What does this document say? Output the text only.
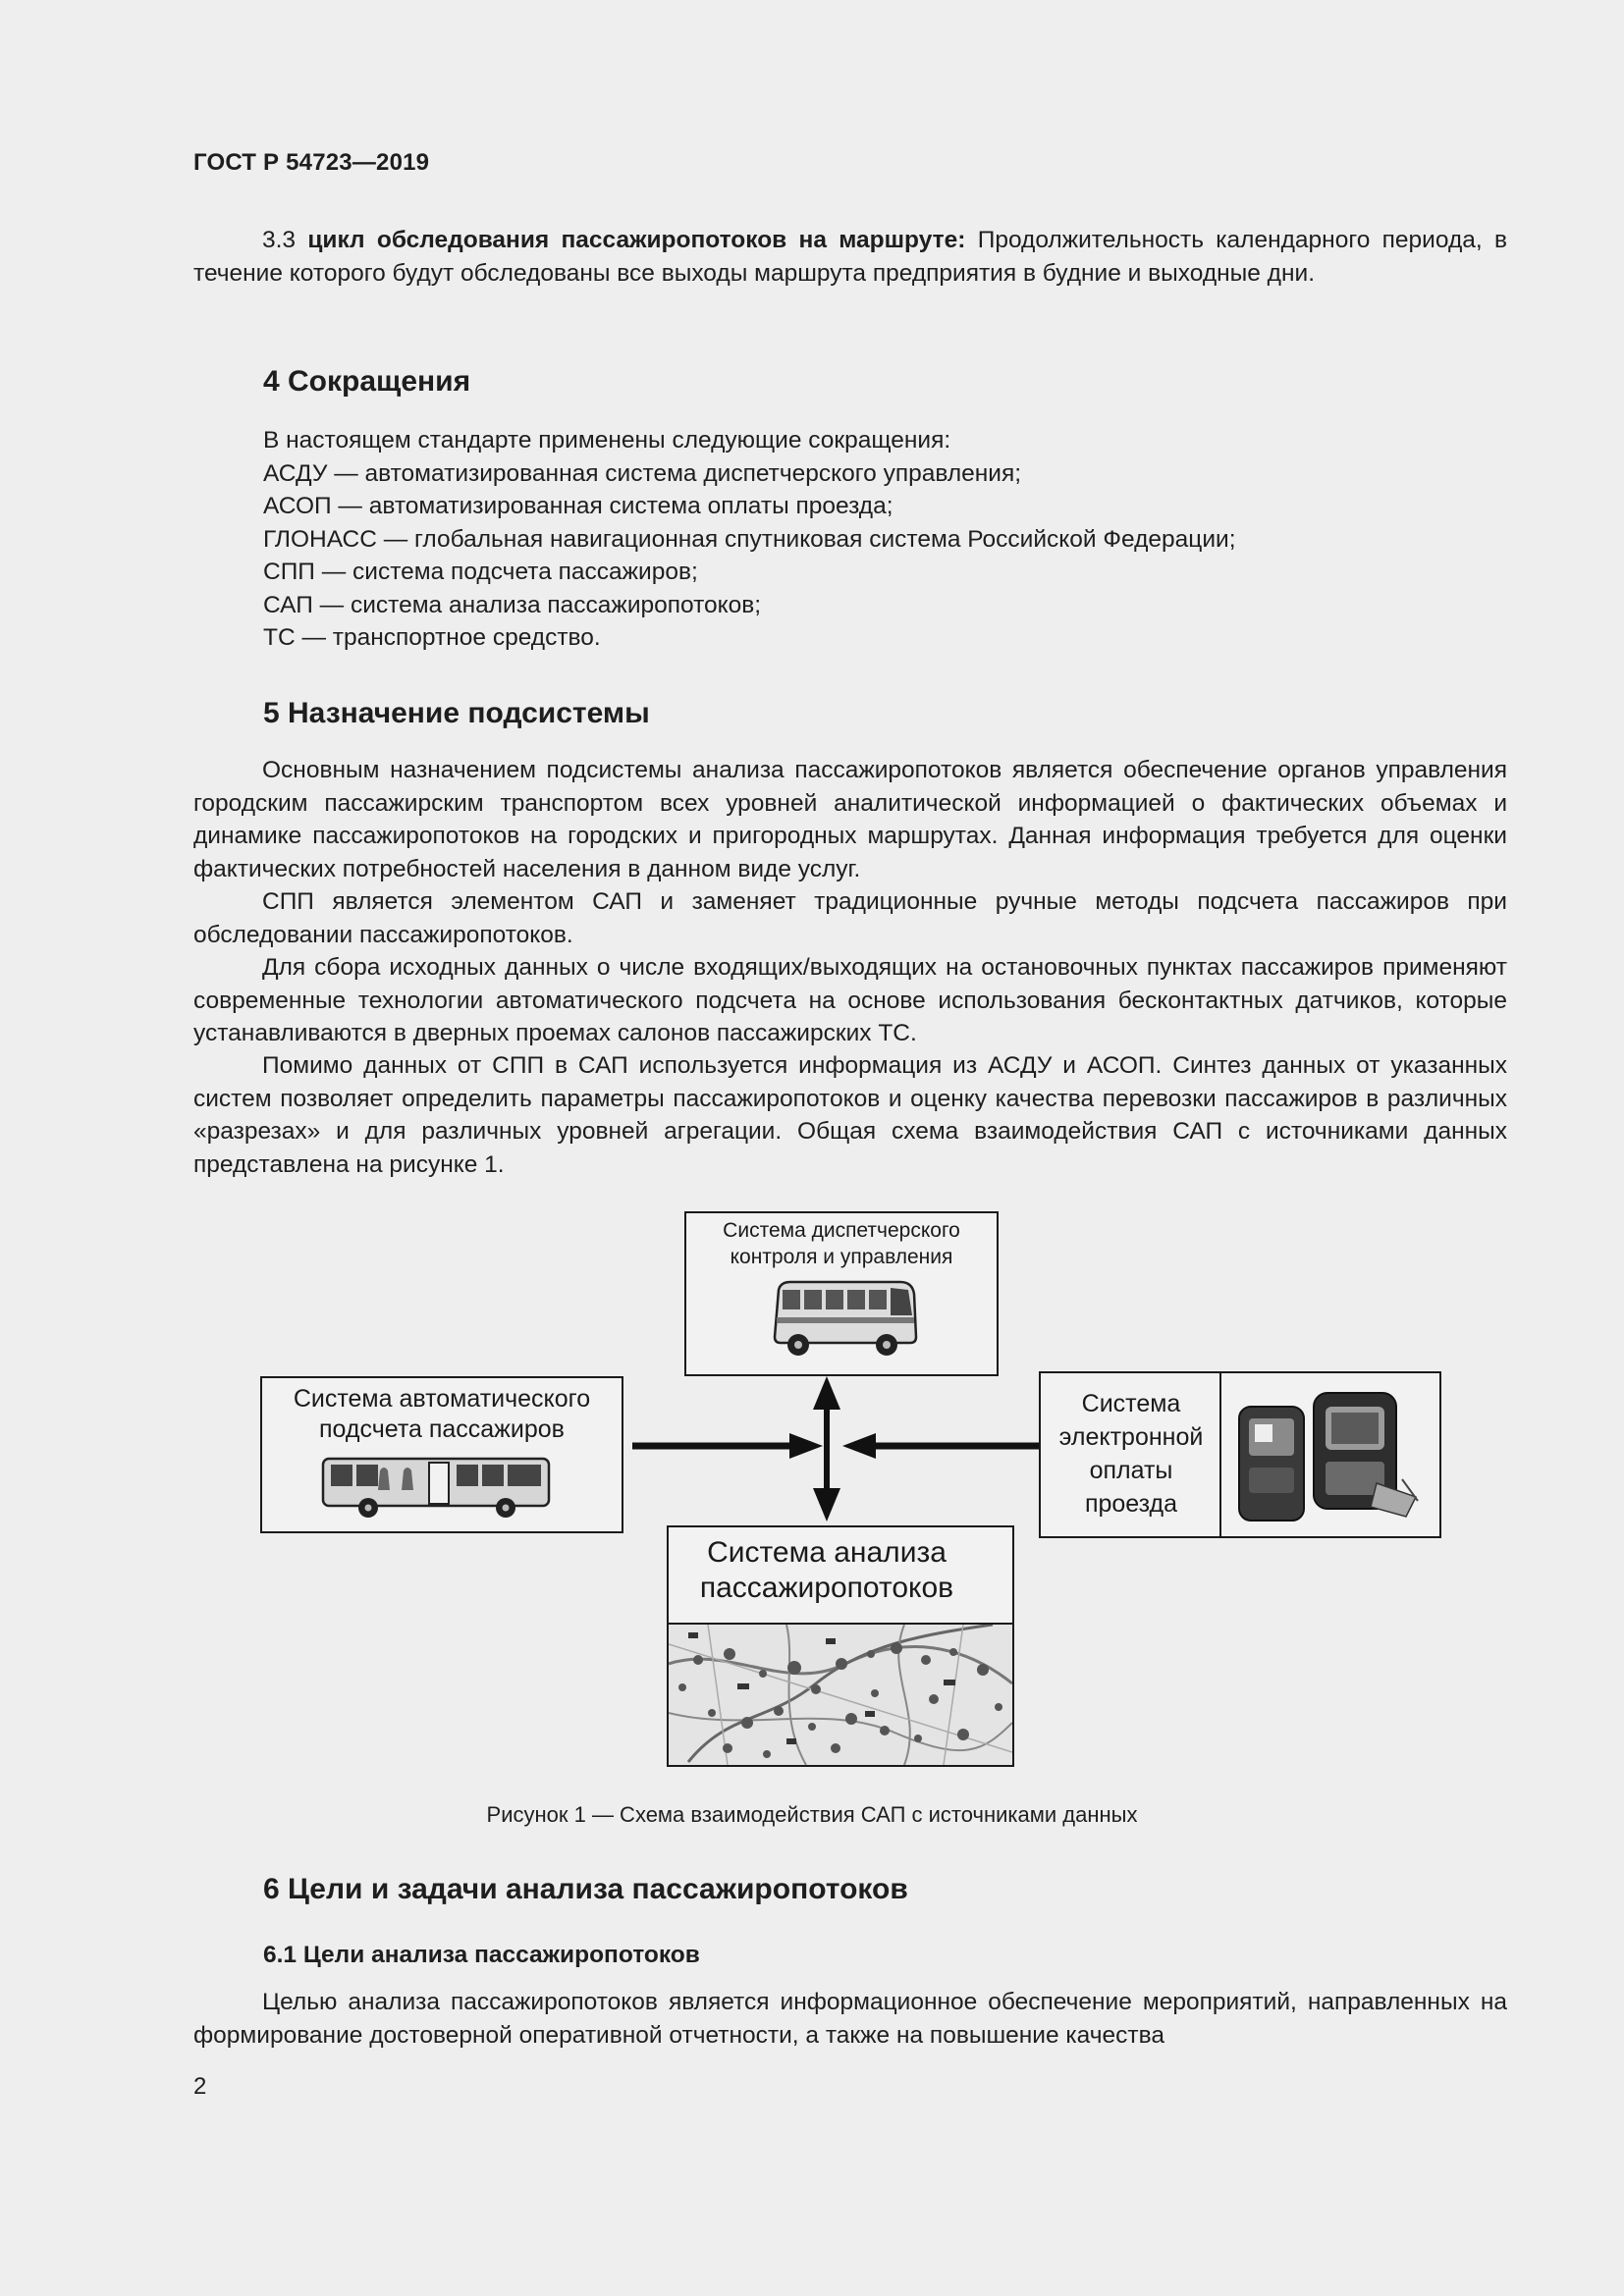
ГОСТ Р 54723—2019

3.3 цикл обследования пассажиропотоков на маршруте: Продолжительность календарного периода, в течение которого будут обследованы все выходы маршрута предприятия в будние и выходные дни.

4 Сокращения
В настоящем стандарте применены следующие сокращения:
АСДУ — автоматизированная система диспетчерского управления;
АСОП — автоматизированная система оплаты проезда;
ГЛОНАСС — глобальная навигационная спутниковая система Российской Федерации;
СПП — система подсчета пассажиров;
САП — система анализа пассажиропотоков;
ТС — транспортное средство.
5 Назначение подсистемы

Основным назначением подсистемы анализа пассажиропотоков является обеспечение органов управления городским пассажирским транспортом всех уровней аналитической информацией о фактических объемах и динамике пассажиропотоков на городских и пригородных маршрутах. Данная информация требуется для оценки фактических потребностей населения в данном виде услуг.

СПП является элементом САП и заменяет традиционные ручные методы подсчета пассажиров при обследовании пассажиропотоков.

Для сбора исходных данных о числе входящих/выходящих на остановочных пунктах пассажиров применяют современные технологии автоматического подсчета на основе использования бесконтактных датчиков, которые устанавливаются в дверных проемах салонов пассажирских ТС.

Помимо данных от СПП в САП используется информация из АСДУ и АСОП. Синтез данных от указанных систем позволяет определить параметры пассажиропотоков и оценку качества перевозки пассажиров в различных «разрезах» и для различных уровней агрегации. Общая схема взаимодействия САП с источниками данных представлена на рисунке 1.

Система диспетчерского контроля и управления
Система автоматического подсчета пассажиров
Система электронной оплаты проезда
Система анализа пассажиропотоков
Рисунок 1 — Схема взаимодействия САП с источниками данных
6 Цели и задачи анализа пассажиропотоков
6.1 Цели анализа пассажиропотоков

Целью анализа пассажиропотоков является информационное обеспечение мероприятий, направленных на формирование достоверной оперативной отчетности, а также на повышение качества

2
